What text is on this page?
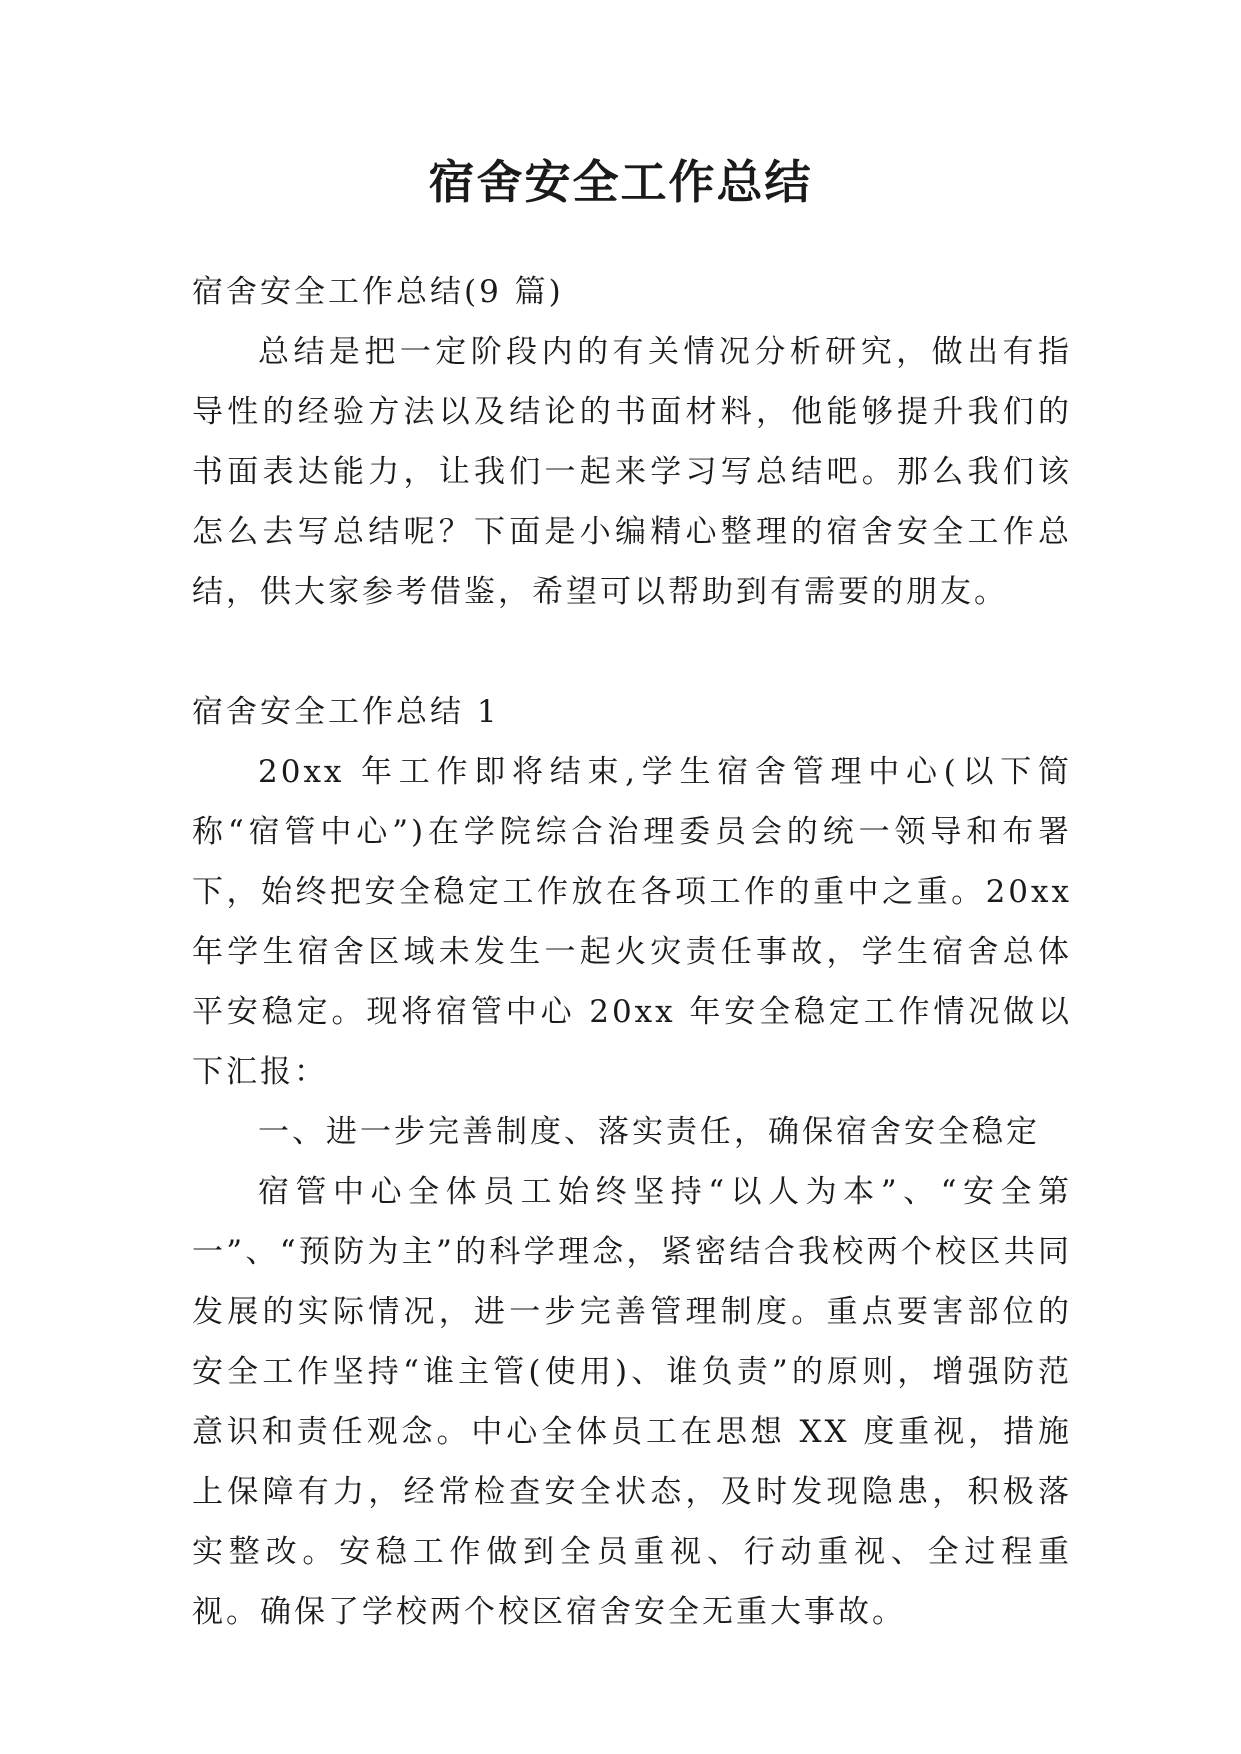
宿舍安全工作总结

宿舍安全工作总结(9 篇)

总结是把一定阶段内的有关情况分析研究，做出有指导性的经验方法以及结论的书面材料，他能够提升我们的书面表达能力，让我们一起来学习写总结吧。那么我们该怎么去写总结呢？下面是小编精心整理的宿舍安全工作总结，供大家参考借鉴，希望可以帮助到有需要的朋友。

宿舍安全工作总结 1

20xx 年工作即将结束,学生宿舍管理中心(以下简称“宿管中心”)在学院综合治理委员会的统一领导和布署下，始终把安全稳定工作放在各项工作的重中之重。20xx 年学生宿舍区域未发生一起火灾责任事故，学生宿舍总体平安稳定。现将宿管中心 20xx 年安全稳定工作情况做以下汇报：

一、进一步完善制度、落实责任，确保宿舍安全稳定

宿管中心全体员工始终坚持“以人为本”、“安全第一”、“预防为主”的科学理念，紧密结合我校两个校区共同发展的实际情况，进一步完善管理制度。重点要害部位的安全工作坚持“谁主管(使用)、谁负责”的原则，增强防范意识和责任观念。中心全体员工在思想 XX 度重视，措施上保障有力，经常检查安全状态，及时发现隐患，积极落实整改。安稳工作做到全员重视、行动重视、全过程重视。确保了学校两个校区宿舍安全无重大事故。
